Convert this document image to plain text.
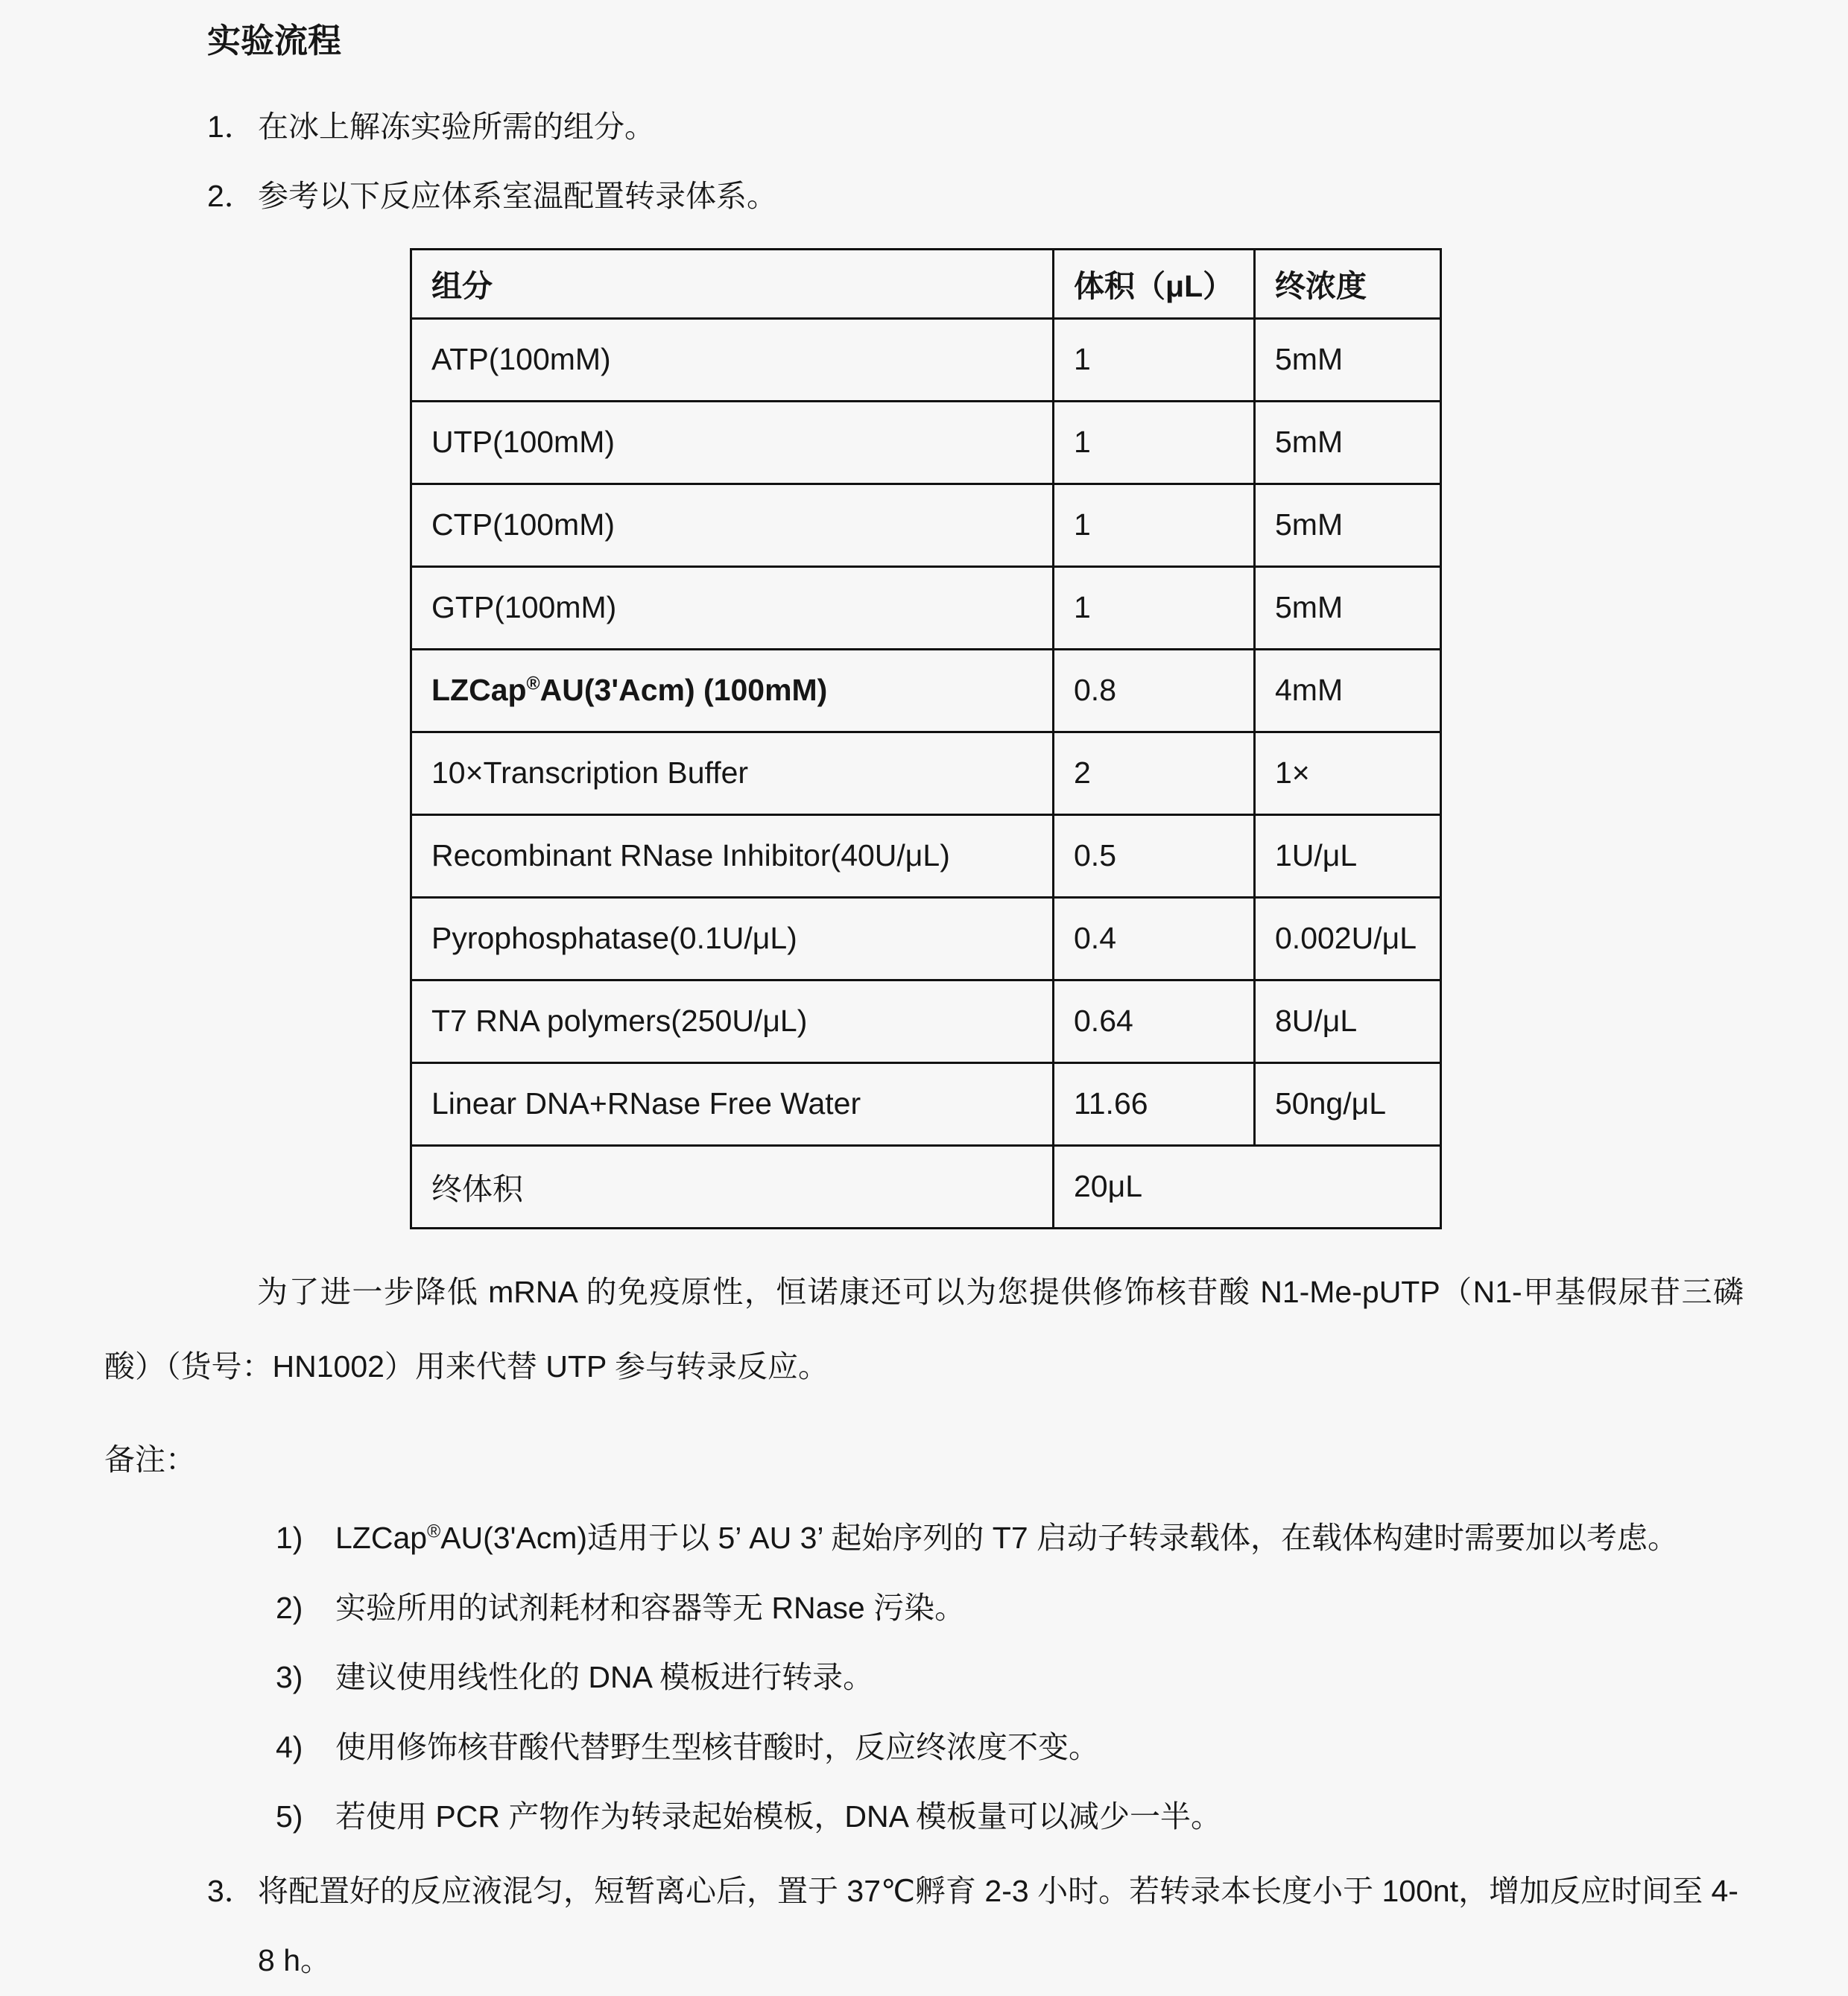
实验流程
1． 在冰上解冻实验所需的组分。
2． 参考以下反应体系室温配置转录体系。
组分	体积（μL）	终浓度
ATP(100mM)	1	5mM
UTP(100mM)	1	5mM
CTP(100mM)	1	5mM
GTP(100mM)	1	5mM
LZCap®AU(3'Acm) (100mM)	0.8	4mM
10×Transcription Buffer	2	1×
Recombinant RNase Inhibitor(40U/μL)	0.5	1U/μL
Pyrophosphatase(0.1U/μL)	0.4	0.002U/μL
T7 RNA polymers(250U/μL)	0.64	8U/μL
Linear DNA+RNase Free Water	11.66	50ng/μL
终体积	20μL	

为了进一步降低 mRNA 的免疫原性，恒诺康还可以为您提供修饰核苷酸 N1-Me-pUTP（N1-甲基假尿苷三磷酸）（货号：HN1002）用来代替 UTP 参与转录反应。

备注：
1)	LZCap®AU(3'Acm)适用于以 5’ AU 3’ 起始序列的 T7 启动子转录载体，在载体构建时需要加以考虑。
2)	实验所用的试剂耗材和容器等无 RNase 污染。
3)	建议使用线性化的 DNA 模板进行转录。
4)	使用修饰核苷酸代替野生型核苷酸时，反应终浓度不变。
5)	若使用 PCR 产物作为转录起始模板，DNA 模板量可以减少一半。
3． 将配置好的反应液混匀，短暂离心后，置于 37℃孵育 2-3 小时。若转录本长度小于 100nt，增加反应时间至 4-8 h。
